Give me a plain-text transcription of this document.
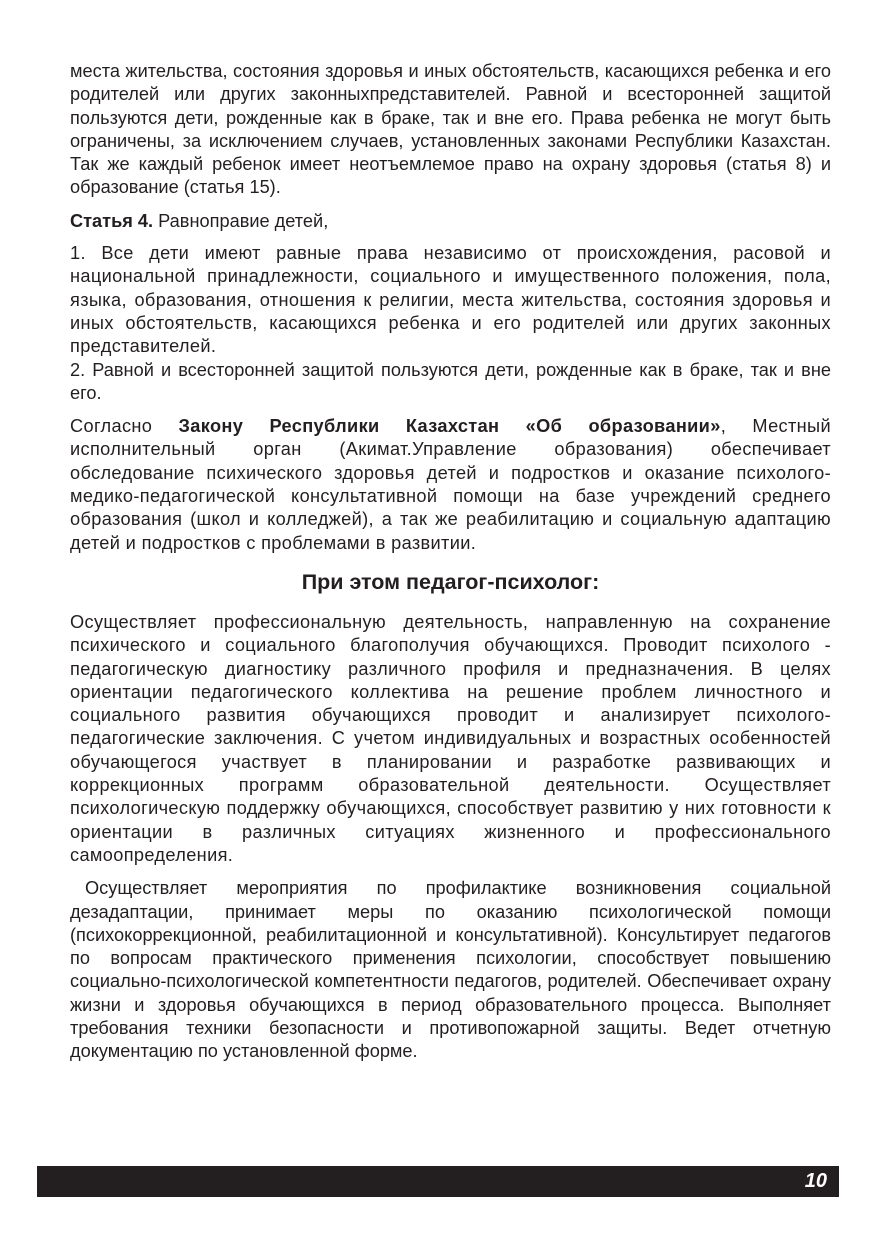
места жительства, состояния здоровья и иных обстоятельств, касающихся ребенка и его родителей или других законныхпредставителей. Равной и всесторонней защитой пользуются дети, рожденные как в браке, так и вне его. Права ребенка не могут быть ограничены, за исключением случаев, установленных законами Республики Казахстан. Так же каждый ребенок имеет неотъемлемое право на охрану здоровья (статья 8) и образование (статья 15).

Статья 4. Равноправие детей,

1. Все дети имеют равные права независимо от происхождения, расовой и национальной принадлежности, социального и имущественного положения, пола, языка, образования, отношения к религии, места жительства, состояния здоровья и иных обстоятельств, касающихся ребенка и его родителей или других законных представителей.

2. Равной и всесторонней защитой пользуются дети, рожденные как в браке, так и вне его.

Согласно Закону Республики Казахстан «Об образовании», Местный исполнительный орган (Акимат.Управление образования) обеспечивает обследование психического здоровья детей и подростков и оказание психолого-медико-педагогической консультативной помощи на базе учреждений среднего образования (школ и колледжей), а так же реабилитацию и социальную адаптацию детей и подростков с проблемами в развитии.

При этом педагог-психолог:

Осуществляет профессиональную деятельность, направленную на сохранение психического и социального благополучия обучающихся. Проводит психолого - педагогическую диагностику различного профиля и предназначения. В целях ориентации педагогического коллектива на решение проблем личностного и социального развития обучающихся проводит и анализирует психолого-педагогические заключения. С учетом индивидуальных и возрастных особенностей обучающегося участвует в планировании и разработке развивающих и коррекционных программ образовательной деятельности. Осуществляет психологическую поддержку обучающихся, способствует развитию у них готовности к ориентации в различных ситуациях жизненного и профессионального самоопределения.

Осуществляет мероприятия по профилактике возникновения социальной дезадаптации, принимает меры по оказанию психологической помощи (психокоррекционной, реабилитационной и консультативной). Консультирует педагогов по вопросам практического применения психологии, способствует повышению социально-психологической компетентности педагогов, родителей. Обеспечивает охрану жизни и здоровья обучающихся в период образовательного процесса. Выполняет требования техники безопасности и противопожарной защиты. Ведет отчетную документацию по установленной форме.

10
